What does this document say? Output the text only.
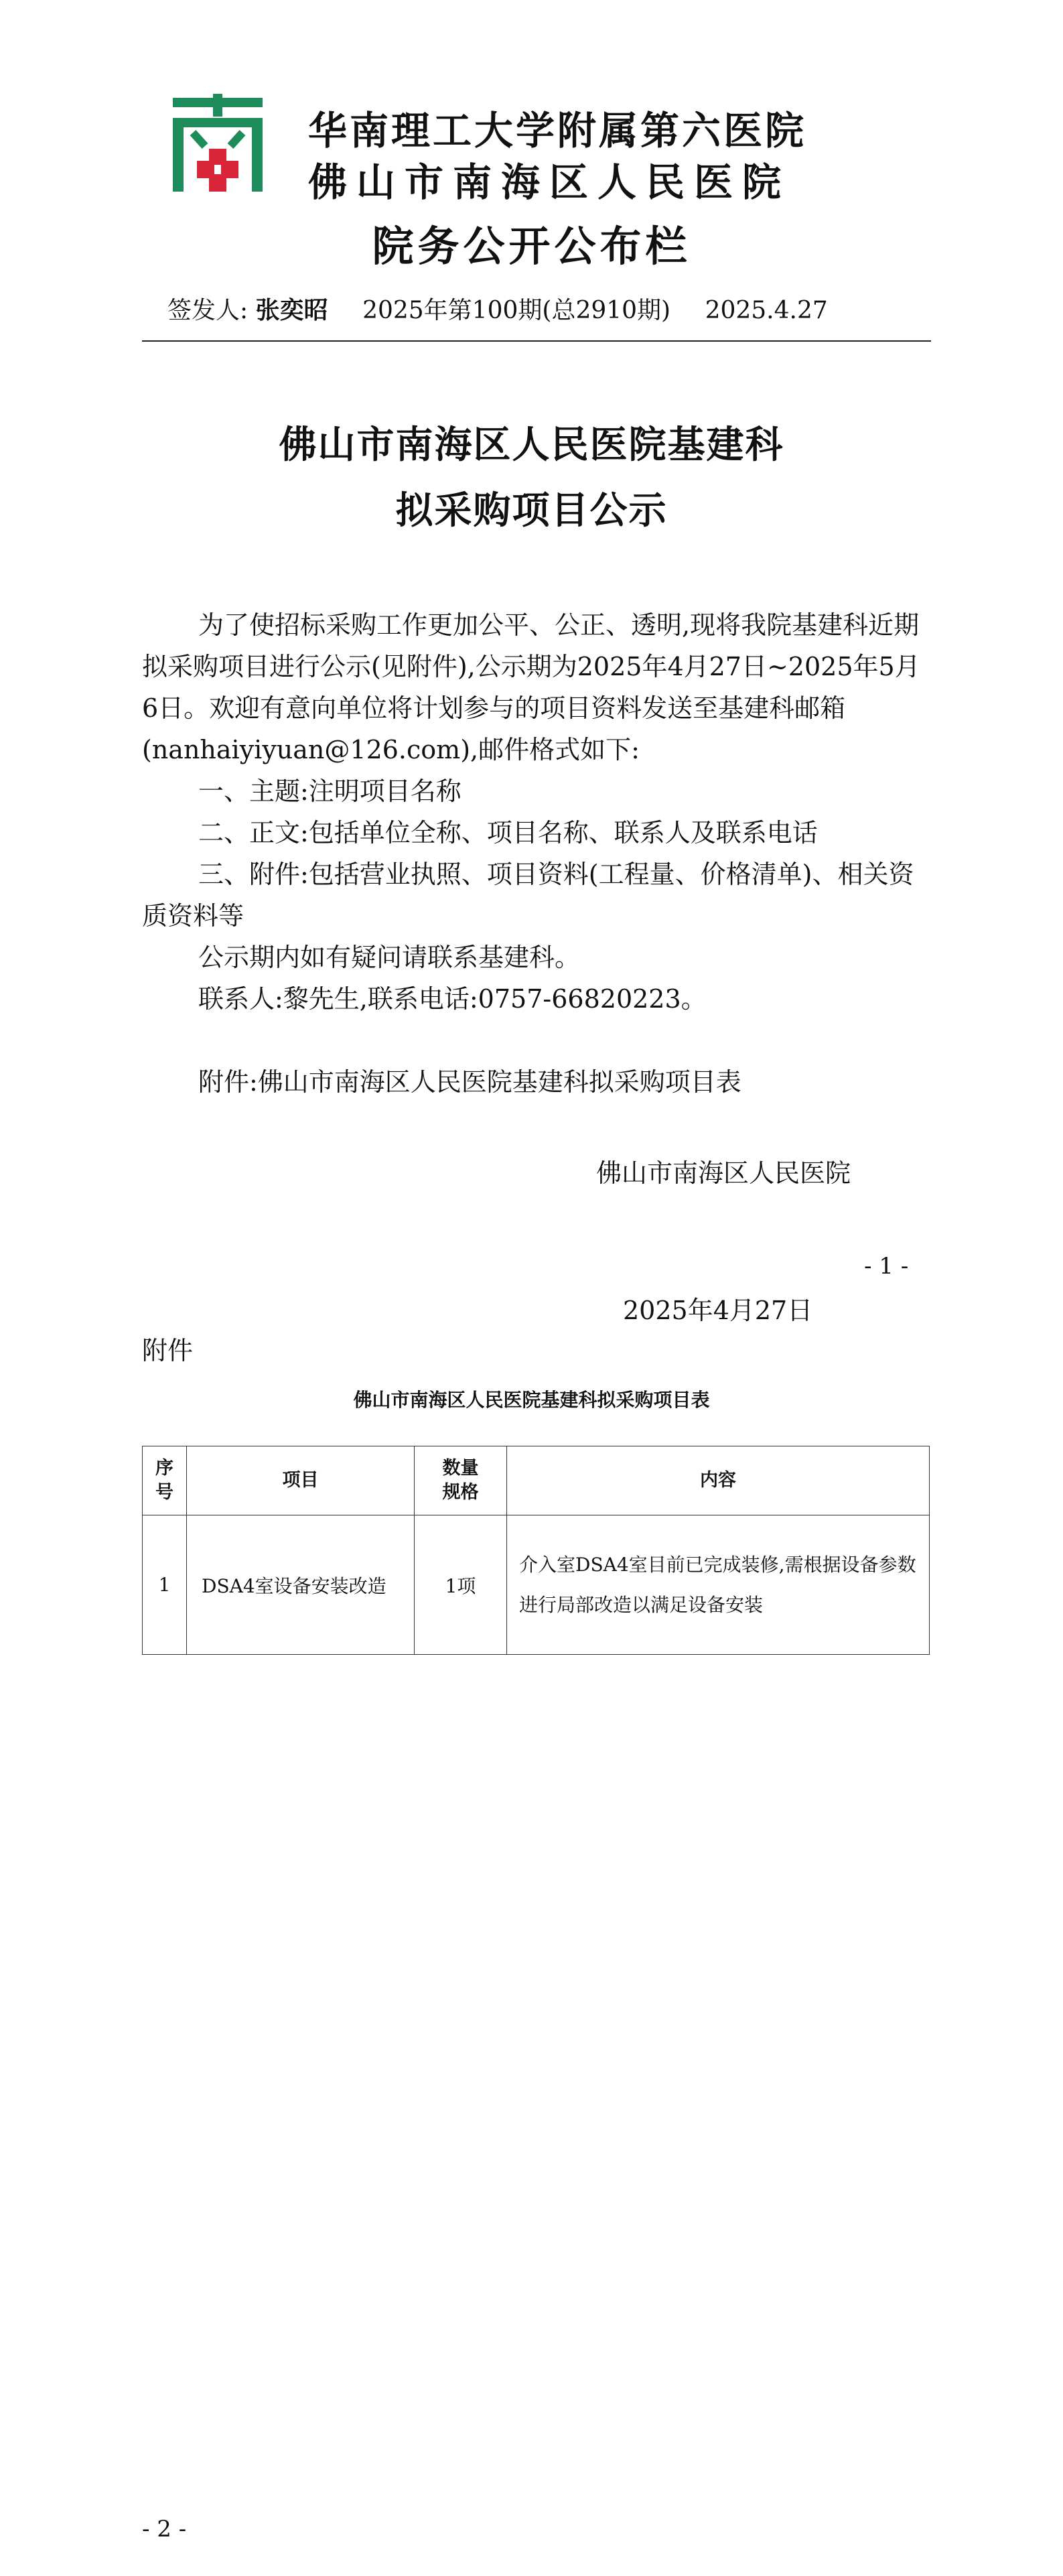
华南理工大学附属第六医院
佛山市南海区人民医院
院务公开公布栏
签发人: 张奕昭 2025年第100期(总2910期) 2025.4.27
佛山市南海区人民医院基建科
拟采购项目公示

为了使招标采购工作更加公平、公正、透明,现将我院基建科近期拟采购项目进行公示(见附件),公示期为2025年4月27日~2025年5月6日。欢迎有意向单位将计划参与的项目资料发送至基建科邮箱(nanhaiyiyuan@126.com),邮件格式如下:

一、主题:注明项目名称

二、正文:包括单位全称、项目名称、联系人及联系电话

三、附件:包括营业执照、项目资料(工程量、价格清单)、相关资质资料等

公示期内如有疑问请联系基建科。

联系人:黎先生,联系电话:0757-66820223。

附件:佛山市南海区人民医院基建科拟采购项目表

佛山市南海区人民医院
- 1 -
2025年4月27日
附件
佛山市南海区人民医院基建科拟采购项目表
序号	项目	数量规格	内容
1	DSA4室设备安装改造	1项	介入室DSA4室目前已完成装修,需根据设备参数进行局部改造以满足设备安装
- 2 -
